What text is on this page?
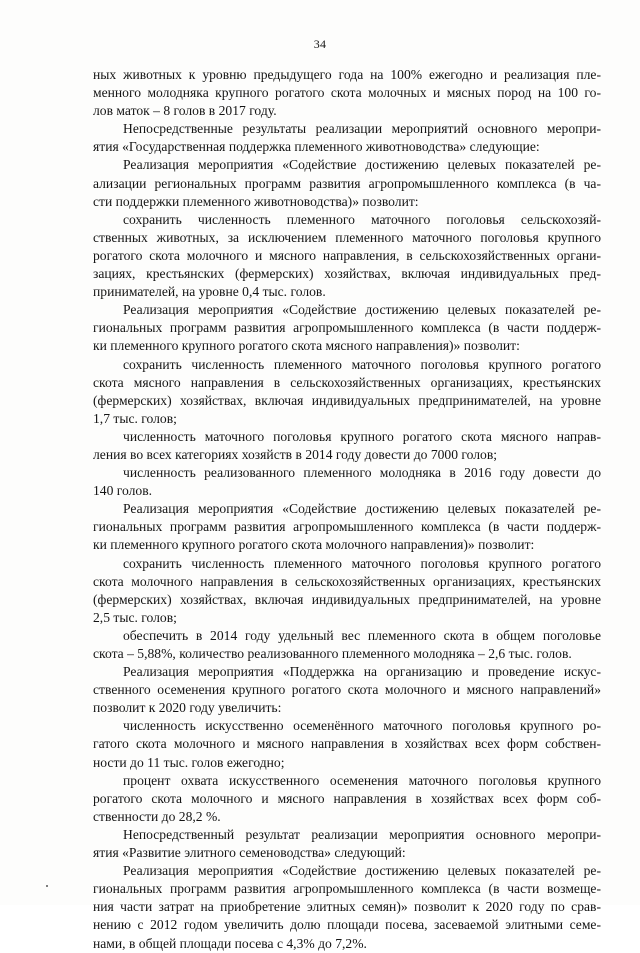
34
ных животных к уровню предыдущего года на 100% ежегодно и реализация пле-
менного молодняка крупного рогатого скота молочных и мясных пород на 100 го-
лов маток – 8 голов в 2017 году.
Непосредственные результаты реализации мероприятий основного меропри-
ятия «Государственная поддержка племенного животноводства» следующие:
Реализация мероприятия «Содействие достижению целевых показателей ре-
ализации региональных программ развития агропромышленного комплекса (в ча-
сти поддержки племенного животноводства)» позволит:
сохранить численность племенного маточного поголовья сельскохозяй-
ственных животных, за исключением племенного маточного поголовья крупного
рогатого скота молочного и мясного направления, в сельскохозяйственных органи-
зациях, крестьянских (фермерских) хозяйствах, включая индивидуальных пред-
принимателей, на уровне 0,4 тыс. голов.
Реализация мероприятия «Содействие достижению целевых показателей ре-
гиональных программ развития агропромышленного комплекса (в части поддерж-
ки племенного крупного рогатого скота мясного направления)» позволит:
сохранить численность племенного маточного поголовья крупного рогатого
скота мясного направления в сельскохозяйственных организациях, крестьянских
(фермерских) хозяйствах, включая индивидуальных предпринимателей, на уровне
1,7 тыс. голов;
численность маточного поголовья крупного рогатого скота мясного направ-
ления во всех категориях хозяйств в 2014 году довести до 7000 голов;
численность реализованного племенного молодняка в 2016 году довести до
140 голов.
Реализация мероприятия «Содействие достижению целевых показателей ре-
гиональных программ развития агропромышленного комплекса (в части поддерж-
ки племенного крупного рогатого скота молочного направления)» позволит:
сохранить численность племенного маточного поголовья крупного рогатого
скота молочного направления в сельскохозяйственных организациях, крестьянских
(фермерских) хозяйствах, включая индивидуальных предпринимателей, на уровне
2,5 тыс. голов;
обеспечить в 2014 году удельный вес племенного скота в общем поголовье
скота – 5,88%, количество реализованного племенного молодняка – 2,6 тыс. голов.
Реализация мероприятия «Поддержка на организацию и проведение искус-
ственного осеменения крупного рогатого скота молочного и мясного направлений»
позволит к 2020 году увеличить:
численность искусственно осеменённого маточного поголовья крупного ро-
гатого скота молочного и мясного направления в хозяйствах всех форм собствен-
ности до 11 тыс. голов ежегодно;
процент охвата искусственного осеменения маточного поголовья крупного
рогатого скота молочного и мясного направления в хозяйствах всех форм соб-
ственности до 28,2 %.
Непосредственный результат реализации мероприятия основного меропри-
ятия «Развитие элитного семеноводства» следующий:
Реализация мероприятия «Содействие достижению целевых показателей ре-
гиональных программ развития агропромышленного комплекса (в части возмеще-
ния части затрат на приобретение элитных семян)» позволит к 2020 году по срав-
нению с 2012 годом увеличить долю площади посева, засеваемой элитными семе-
нами, в общей площади посева с 4,3% до 7,2%.
